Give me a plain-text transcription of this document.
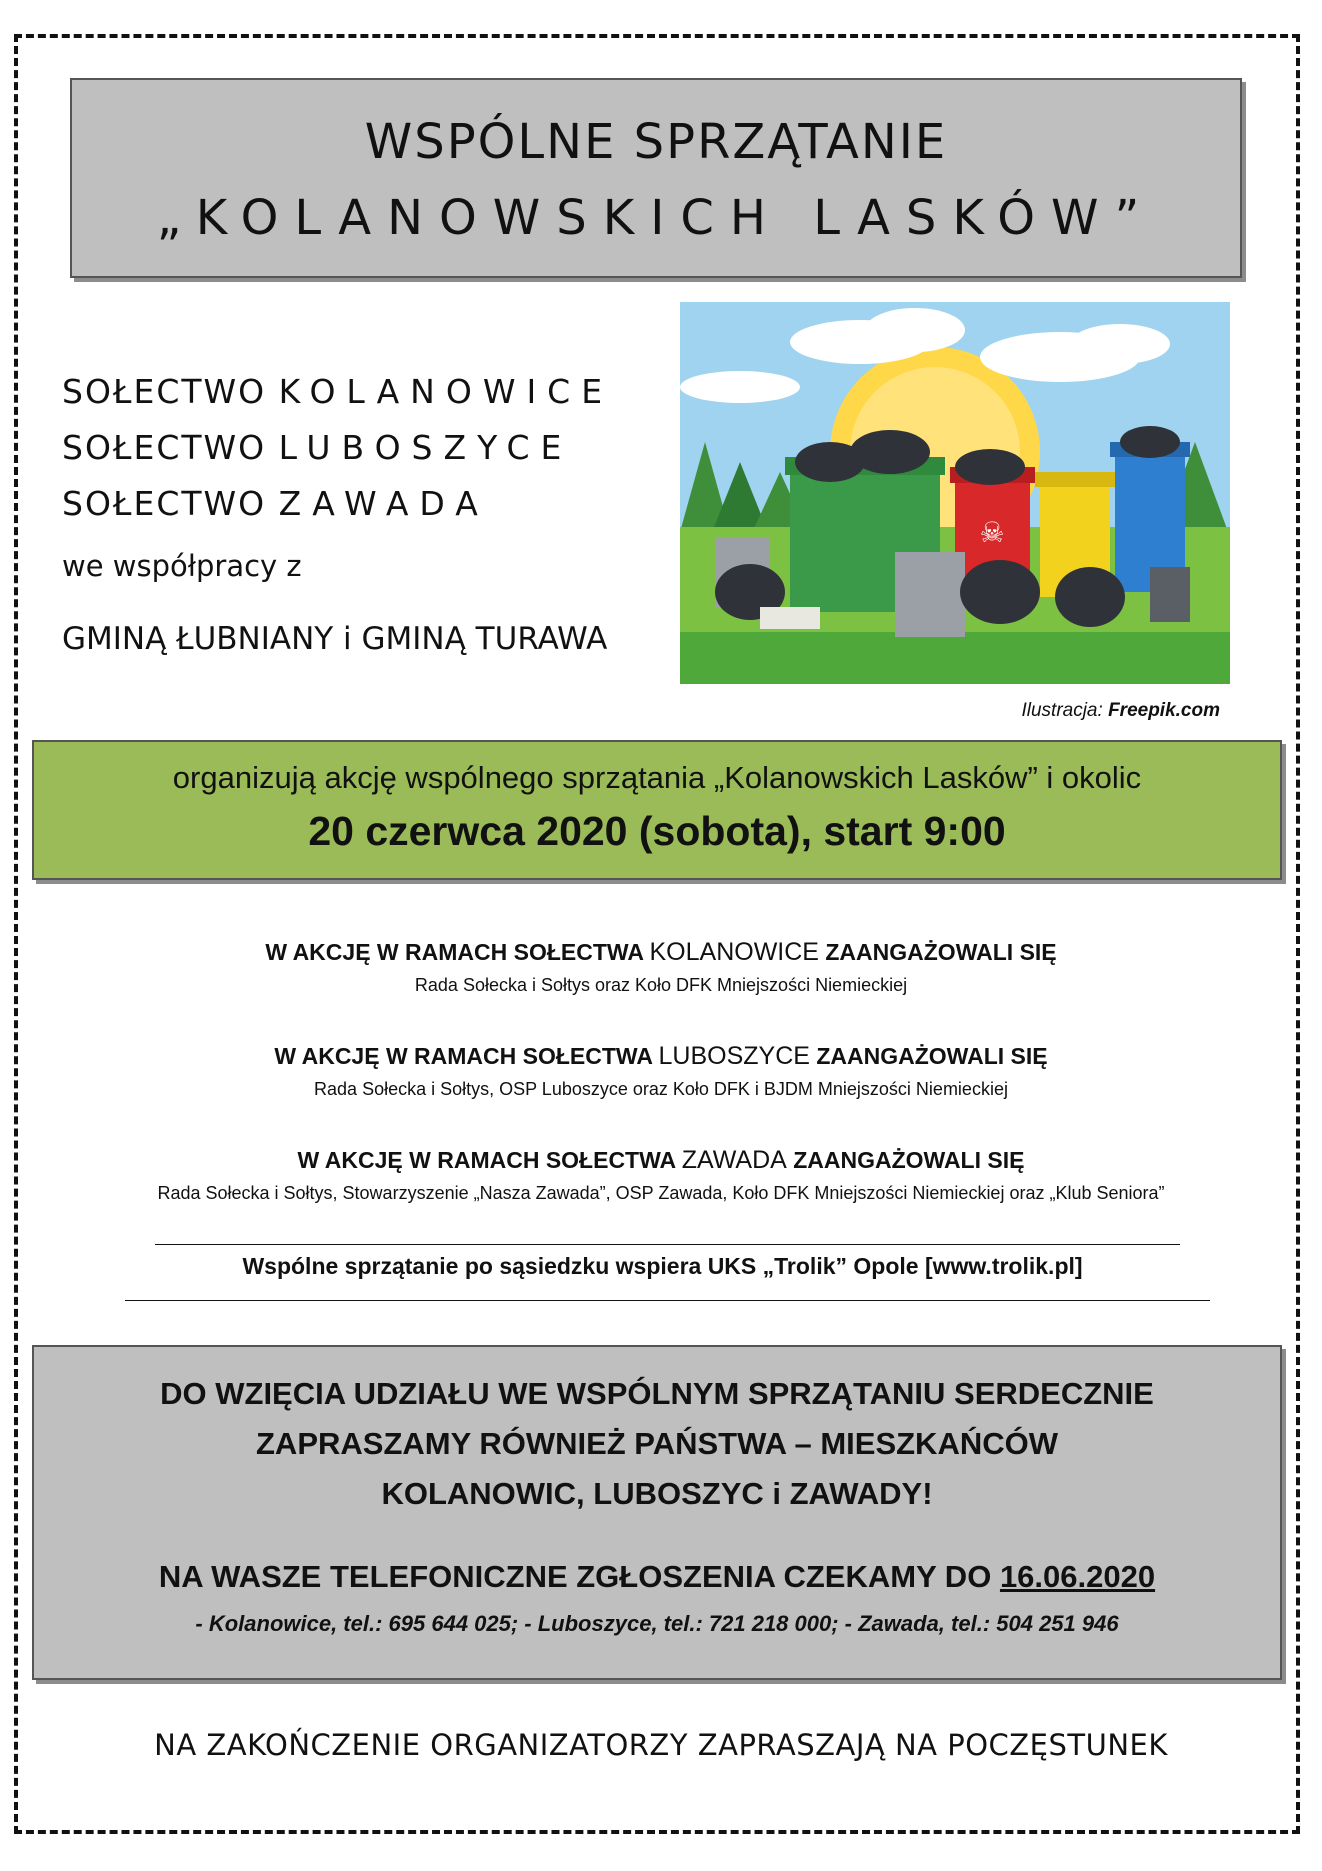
WSPÓLNE SPRZĄTANIE
„KOLANOWSKICH LASKÓW”
SOŁECTWO KOLANOWICE
SOŁECTWO LUBOSZYCE
SOŁECTWO ZAWADA
we współpracy z
GMINĄ ŁUBNIANY i GMINĄ TURAWA
☠
Ilustracja: Freepik.com
organizują akcję wspólnego sprzątania „Kolanowskich Lasków” i okolic
20 czerwca 2020 (sobota), start 9:00
W AKCJĘ W RAMACH SOŁECTWA KOLANOWICE ZAANGAŻOWALI SIĘ
Rada Sołecka i Sołtys oraz Koło DFK Mniejszości Niemieckiej
W AKCJĘ W RAMACH SOŁECTWA LUBOSZYCE ZAANGAŻOWALI SIĘ
Rada Sołecka i Sołtys, OSP Luboszyce oraz Koło DFK i BJDM Mniejszości Niemieckiej
W AKCJĘ W RAMACH SOŁECTWA ZAWADA ZAANGAŻOWALI SIĘ
Rada Sołecka i Sołtys, Stowarzyszenie „Nasza Zawada”, OSP Zawada, Koło DFK Mniejszości Niemieckiej oraz „Klub Seniora”
Wspólne sprzątanie po sąsiedzku wspiera UKS „Trolik” Opole [www.trolik.pl]
DO WZIĘCIA UDZIAŁU WE WSPÓLNYM SPRZĄTANIU SERDECZNIE
ZAPRASZAMY RÓWNIEŻ PAŃSTWA – MIESZKAŃCÓW
KOLANOWIC, LUBOSZYC i ZAWADY!
NA WASZE TELEFONICZNE ZGŁOSZENIA CZEKAMY DO 16.06.2020
- Kolanowice, tel.: 695 644 025; - Luboszyce, tel.: 721 218 000; - Zawada, tel.: 504 251 946
NA ZAKOŃCZENIE ORGANIZATORZY ZAPRASZAJĄ NA POCZĘSTUNEK
